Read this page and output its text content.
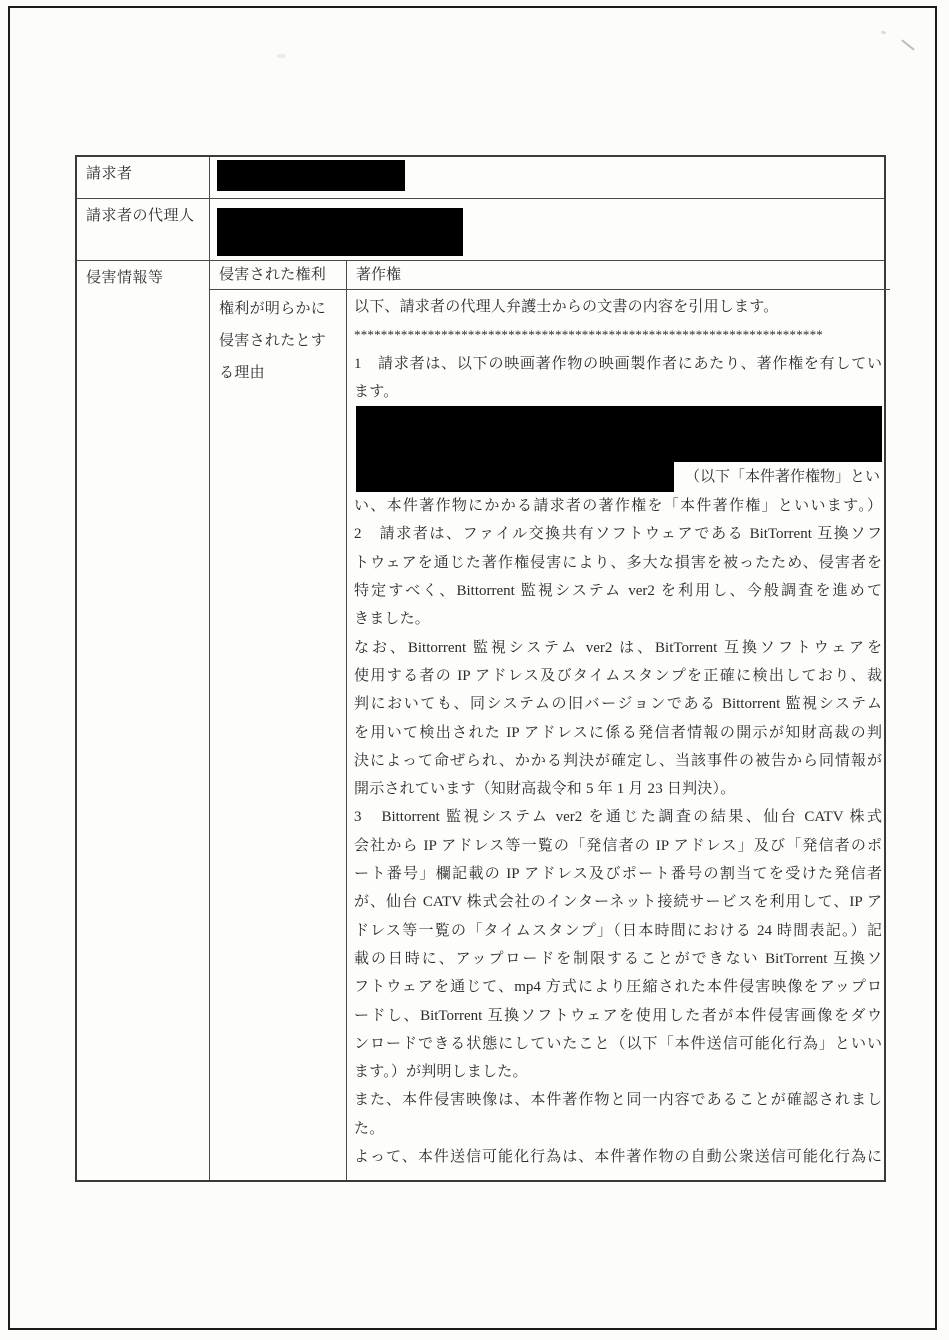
請求者
請求者の代理人
侵害情報等	侵害された権利	著作権
権利が明らかに
侵害されたとす
る理由
以下、請求者の代理人弁護士からの文書の内容を引用します。
**********************************************************************
1　請求者は、以下の映画著作物の映画製作者にあたり、著作権を有してい
ます。
（以下「本件著作権物」とい
い、本件著作物にかかる請求者の著作権を「本件著作権」といいます。）
2　請求者は、ファイル交換共有ソフトウェアである BitTorrent 互換ソフ
トウェアを通じた著作権侵害により、多大な損害を被ったため、侵害者を
特定すべく、Bittorrent 監視システム ver2 を利用し、今般調査を進めて
きました。
なお、Bittorrent 監視システム ver2 は、BitTorrent 互換ソフトウェアを
使用する者の IP アドレス及びタイムスタンプを正確に検出しており、裁
判においても、同システムの旧バージョンである Bittorrent 監視システム
を用いて検出された IP アドレスに係る発信者情報の開示が知財高裁の判
決によって命ぜられ、かかる判決が確定し、当該事件の被告から同情報が
開示されています（知財高裁令和 5 年 1 月 23 日判決）。
3　Bittorrent 監視システム ver2 を通じた調査の結果、仙台 CATV 株式
会社から IP アドレス等一覧の「発信者の IP アドレス」及び「発信者のポ
ート番号」欄記載の IP アドレス及びポート番号の割当てを受けた発信者
が、仙台 CATV 株式会社のインターネット接続サービスを利用して、IP ア
ドレス等一覧の「タイムスタンプ」（日本時間における 24 時間表記。）記
載の日時に、アップロードを制限することができない BitTorrent 互換ソ
フトウェアを通じて、mp4 方式により圧縮された本件侵害映像をアップロ
ードし、BitTorrent 互換ソフトウェアを使用した者が本件侵害画像をダウ
ンロードできる状態にしていたこと（以下「本件送信可能化行為」といい
ます。）が判明しました。
また、本件侵害映像は、本件著作物と同一内容であることが確認されまし
た。
よって、本件送信可能化行為は、本件著作物の自動公衆送信可能化行為に
